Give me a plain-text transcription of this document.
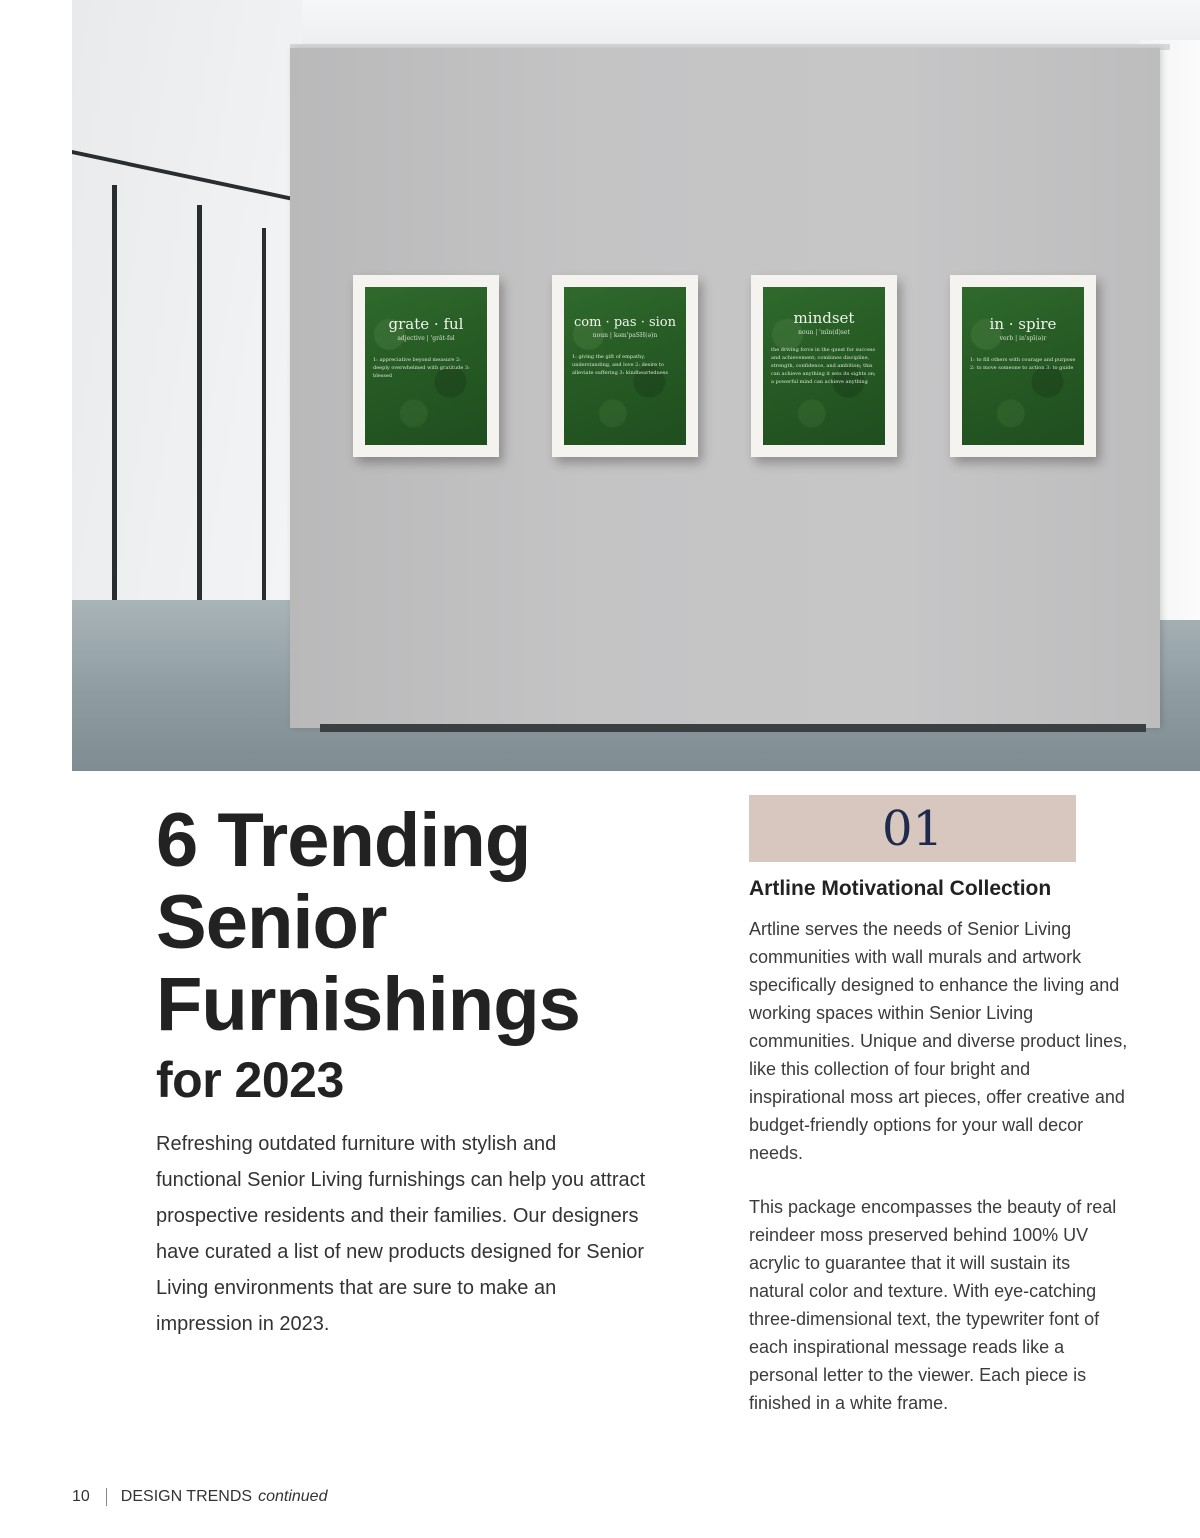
grate · ful
adjective | 'grāt-fəl
1: appreciative beyond measure 2: deeply overwhelmed with gratitude 3: blessed
com · pas · sion
noun | kəm'paSH(ə)n
1: giving the gift of empathy, understanding, and love 2: desire to alleviate suffering 3: kindheartedness
mindset
noun | 'mīn(d)set
the driving force in the quest for success and achievement; combines discipline, strength, confidence, and ambition; this can achieve anything it sets its sights on; a powerful mind can achieve anything
in · spire
verb | in'spī(ə)r
1: to fill others with courage and purpose 2: to move someone to action 3: to guide
6 Trending
Senior
Furnishings
for 2023

Refreshing outdated furniture with stylish and functional Senior Living furnishings can help you attract prospective residents and their families. Our designers have curated a list of new products designed for Senior Living environments that are sure to make an impression in 2023.

01
Artline Motivational Collection

Artline serves the needs of Senior Living communities with wall murals and artwork specifically designed to enhance the living and working spaces within Senior Living communities. Unique and diverse product lines, like this collection of four bright and inspirational moss art pieces, offer creative and budget-friendly options for your wall decor needs.

This package encompasses the beauty of real reindeer moss preserved behind 100% UV acrylic to guarantee that it will sustain its natural color and texture. With eye-catching three-dimensional text, the typewriter font of each inspirational message reads like a personal letter to the viewer. Each piece is finished in a white frame.

10 DESIGN TRENDS continued
